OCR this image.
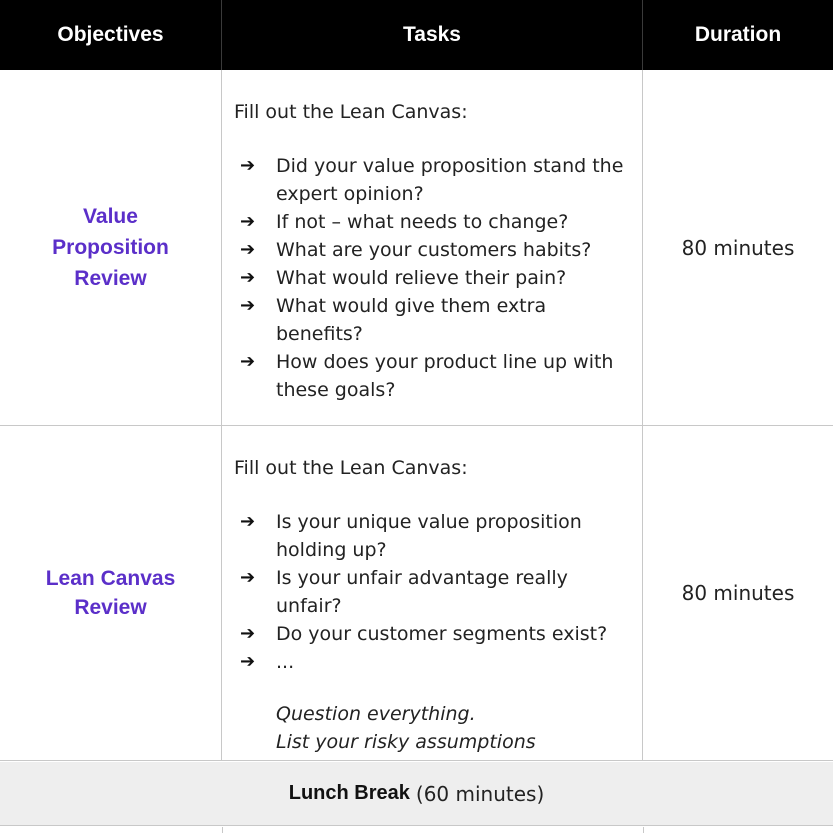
Objectives	Tasks	Duration
Value
Proposition
Review
Fill out the Lean Canvas:
➔ Did your value proposition stand the expert opinion?
➔ If not – what needs to change?
➔ What are your customers habits?
➔ What would relieve their pain?
➔ What would give them extra benefits?
➔ How does your product line up with these goals?
80 minutes
Lean Canvas
Review
Fill out the Lean Canvas:
➔ Is your unique value proposition holding up?
➔ Is your unfair advantage really unfair?
➔ Do your customer segments exist?
➔ ...
Question everything.
List your risky assumptions
80 minutes
Lunch Break (60 minutes)
